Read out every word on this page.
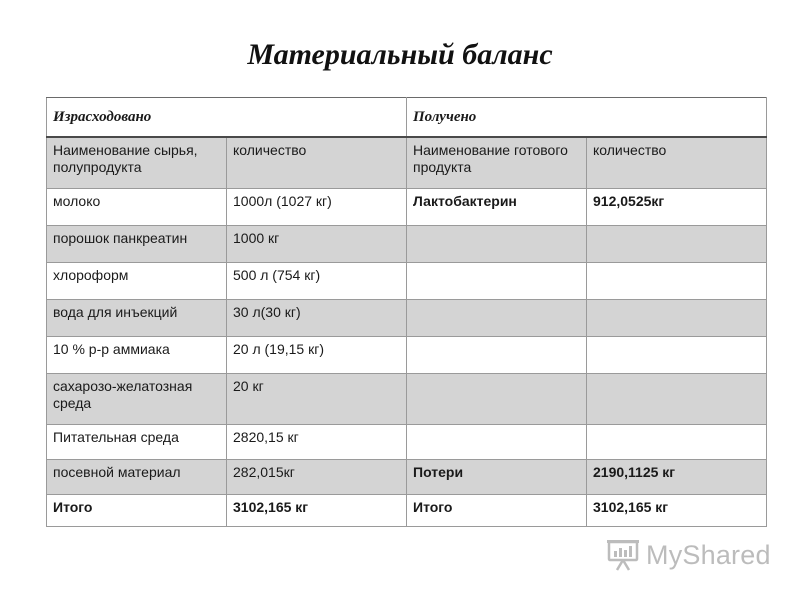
Материальный баланс
Израсходовано		Получено	
Наименование сырья, полупродукта	количество	Наименование готового продукта	количество
молоко	1000л (1027 кг)	Лактобактерин	912,0525кг
порошок панкреатин	1000 кг		
хлороформ	500 л (754 кг)		
вода для инъекций	30 л(30 кг)		
10 % р-р аммиака	20 л (19,15 кг)		
сахарозо-желатозная среда	20 кг		
Питательная среда	2820,15 кг		
посевной материал	282,015кг	Потери	2190,1125 кг
Итого	3102,165 кг	Итого	3102,165 кг
MyShared
